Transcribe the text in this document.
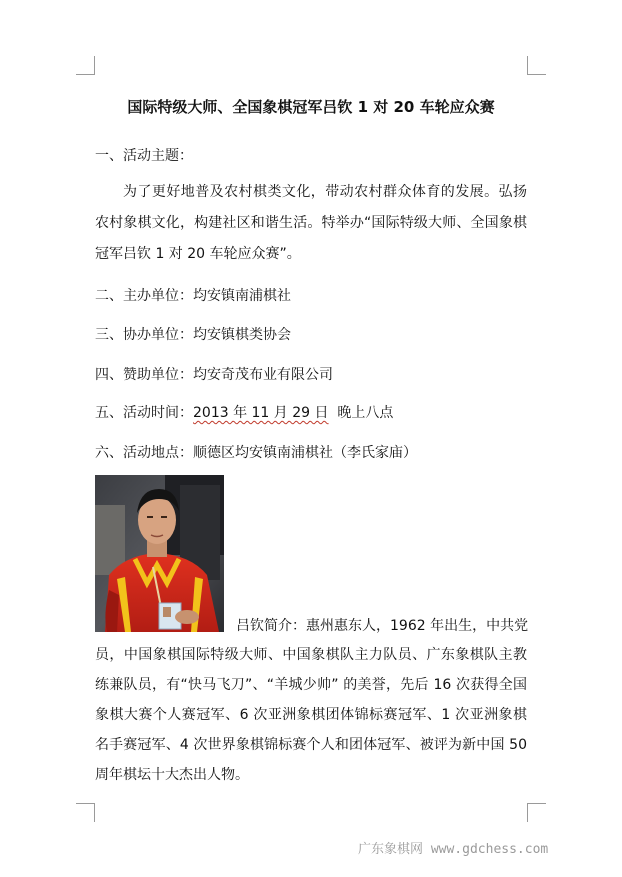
国际特级大师、全国象棋冠军吕钦 1 对 20 车轮应众赛
一、活动主题：
为了更好地普及农村棋类文化，带动农村群众体育的发展。弘扬农村象棋文化，构建社区和谐生活。特举办“国际特级大师、全国象棋冠军吕钦 1 对 20 车轮应众赛”。
二、主办单位：均安镇南浦棋社
三、协办单位：均安镇棋类协会
四、赞助单位：均安奇茂布业有限公司
五、活动时间：2013 年 11 月 29 日 晚上八点
六、活动地点：顺德区均安镇南浦棋社（李氏家庙）
吕钦简介：惠州惠东人，1962 年出生，中共党
员，中国象棋国际特级大师、中国象棋队主力队员、广东象棋队主教练兼队员，有“快马飞刀”、“羊城少帅” 的美誉，先后 16 次获得全国象棋大赛个人赛冠军、6 次亚洲象棋团体锦标赛冠军、1 次亚洲象棋名手赛冠军、4 次世界象棋锦标赛个人和团体冠军、被评为新中国 50 周年棋坛十大杰出人物。
广东象棋网 www.gdchess.com
